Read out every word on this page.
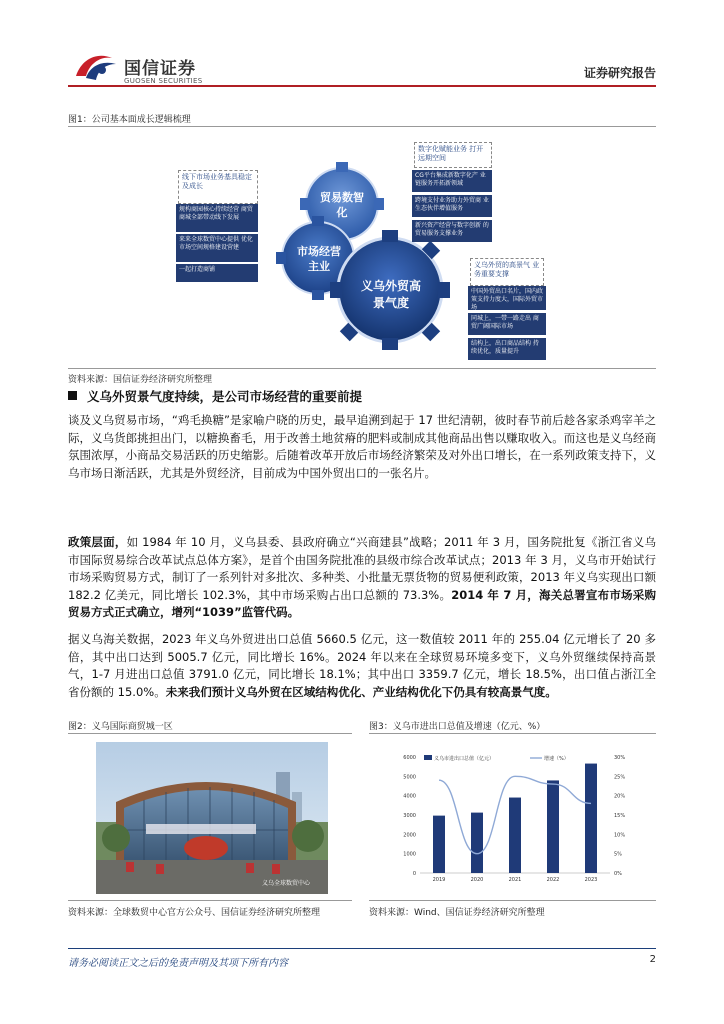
国信证券
GUOSEN SECURITIES
证券研究报告
图1：公司基本面成长逻辑梳理
线下市场业务基具稳定及成长
规构商园核心持续经营 商贸商城全部带动线下发展
来来全球数贸中心提供 优化市场空间规格建设营建
一起打造商铺
贸易数智化
市场经营主业
义乌外贸高景气度
数字化赋能业务 打开远期空间
CG平台集成新数字化产 业链服务开拓新领域
跨境支付业务助力外贸商 业生态伙伴增值服务
新兴资产经营与数字创新 的贸易服务支撑业务
义乌外贸的高景气 业务重要支撑
中国外贸出口名片，国内政策支持力度大，国际外贸市场
同城上，一带一路走出 商贸广阔国际市场
结构上，出口商品结构 持续优化，质量提升
资料来源：国信证券经济研究所整理
义乌外贸景气度持续，是公司市场经营的重要前提
谈及义乌贸易市场，“鸡毛换糖”是家喻户晓的历史，最早追溯到起于 17 世纪清朝，彼时春节前后趁各家杀鸡宰羊之际，义乌货郎挑担出门，以糖换畜毛，用于改善土地贫瘠的肥料或制成其他商品出售以赚取收入。而这也是义乌经商氛围浓厚，小商品交易活跃的历史缩影。后随着改革开放后市场经济繁荣及对外出口增长，在一系列政策支持下，义乌市场日渐活跃，尤其是外贸经济，目前成为中国外贸出口的一张名片。
政策层面，如 1984 年 10 月，义乌县委、县政府确立“兴商建县”战略；2011 年 3 月，国务院批复《浙江省义乌市国际贸易综合改革试点总体方案》，是首个由国务院批准的县级市综合改革试点；2013 年 3 月，义乌市开始试行市场采购贸易方式，制订了一系列针对多批次、多种类、小批量无票货物的贸易便利政策，2013 年义乌实现出口额 182.2 亿美元，同比增长 102.3%，其中市场采购占出口总额的 73.3%。2014 年 7 月，海关总署宣布市场采购贸易方式正式确立，增列“1039”监管代码。
据义乌海关数据，2023 年义乌外贸进出口总值 5660.5 亿元，这一数值较 2011 年的 255.04 亿元增长了 20 多倍，其中出口达到 5005.7 亿元，同比增长 16%。2024 年以来在全球贸易环境多变下，义乌外贸继续保持高景气，1-7 月进出口总值 3791.0 亿元，同比增长 18.1%；其中出口 3359.7 亿元，增长 18.5%，出口值占浙江全省份额的 15.0%。未来我们预计义乌外贸在区域结构优化、产业结构优化下仍具有较高景气度。
图2：义乌国际商贸城一区
义乌全球数贸中心
资料来源：全球数贸中心官方公众号、国信证券经济研究所整理
图3：义乌市进出口总值及增速（亿元、%）
0
1000
2000
3000
4000
5000
6000
0%
5%
10%
15%
20%
25%
30%
2019	2020	2021	2022	2023
义乌市进出口总值（亿元）	增速（%）
资料来源：Wind、国信证券经济研究所整理
请务必阅读正文之后的免责声明及其项下所有内容	2
